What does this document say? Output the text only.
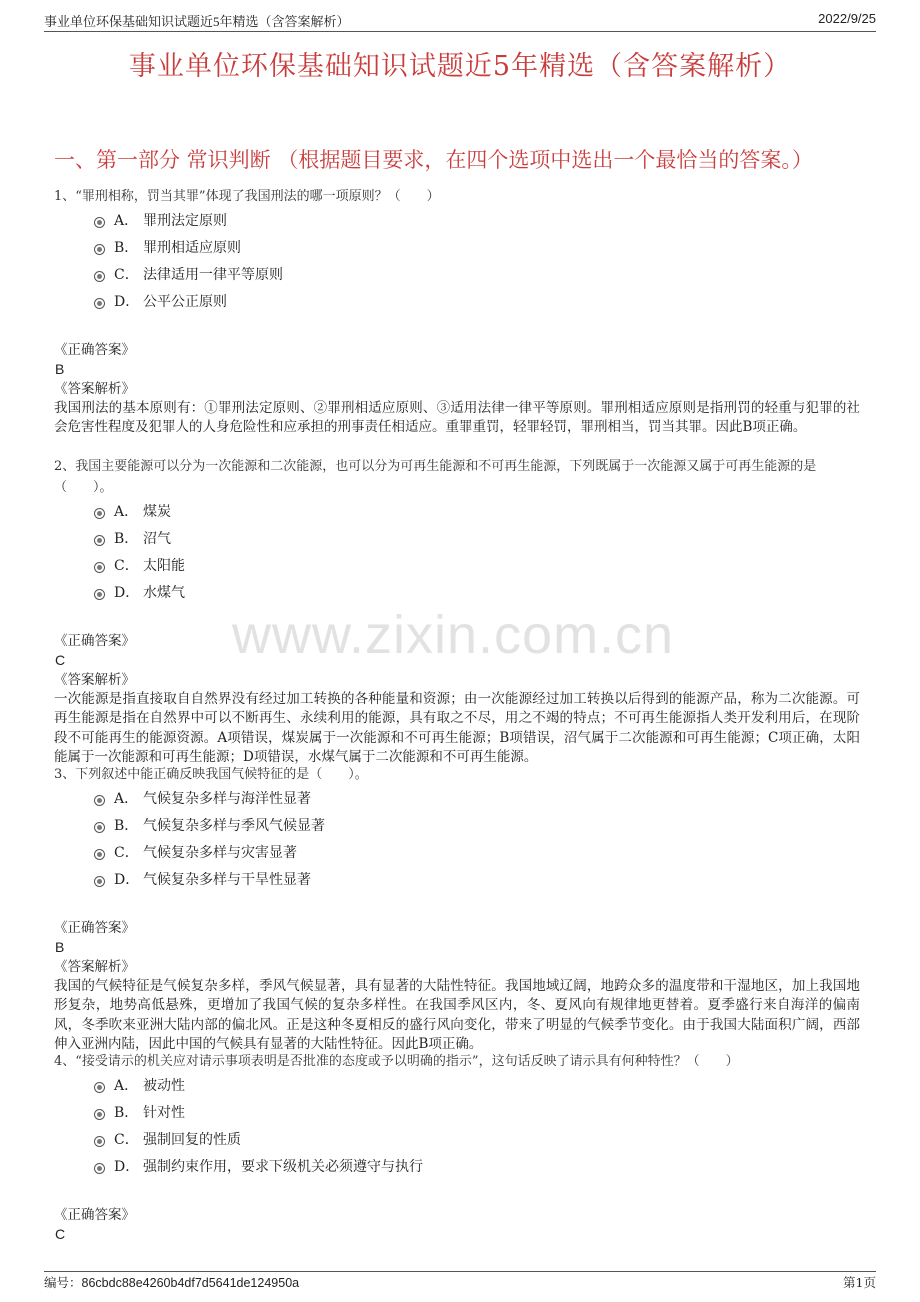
事业单位环保基础知识试题近5年精选（含答案解析）	2022/9/25
事业单位环保基础知识试题近5年精选（含答案解析）
一、第一部分 常识判断 （根据题目要求，在四个选项中选出一个最恰当的答案。）
www.zixin.com.cn
1、“罪刑相称，罚当其罪”体现了我国刑法的哪一项原则？（　　）
A． 罪刑法定原则
B． 罪刑相适应原则
C． 法律适用一律平等原则
D． 公平公正原则
《正确答案》
B
《答案解析》
我国刑法的基本原则有：①罪刑法定原则、②罪刑相适应原则、③适用法律一律平等原则。罪刑相适应原则是指刑罚的轻重与犯罪的社会危害性程度及犯罪人的人身危险性和应承担的刑事责任相适应。重罪重罚，轻罪轻罚，罪刑相当，罚当其罪。因此B项正确。
2、我国主要能源可以分为一次能源和二次能源，也可以分为可再生能源和不可再生能源，下列既属于一次能源又属于可再生能源的是（　　）。
A． 煤炭
B． 沼气
C． 太阳能
D． 水煤气
《正确答案》
C
《答案解析》
一次能源是指直接取自自然界没有经过加工转换的各种能量和资源；由一次能源经过加工转换以后得到的能源产品，称为二次能源。可再生能源是指在自然界中可以不断再生、永续利用的能源，具有取之不尽，用之不竭的特点；不可再生能源指人类开发利用后，在现阶段不可能再生的能源资源。A项错误，煤炭属于一次能源和不可再生能源；B项错误，沼气属于二次能源和可再生能源；C项正确，太阳能属于一次能源和可再生能源；D项错误，水煤气属于二次能源和不可再生能源。
3、下列叙述中能正确反映我国气候特征的是（　　）。
A． 气候复杂多样与海洋性显著
B． 气候复杂多样与季风气候显著
C． 气候复杂多样与灾害显著
D． 气候复杂多样与干旱性显著
《正确答案》
B
《答案解析》
我国的气候特征是气候复杂多样，季风气候显著，具有显著的大陆性特征。我国地域辽阔，地跨众多的温度带和干湿地区，加上我国地形复杂，地势高低悬殊，更增加了我国气候的复杂多样性。在我国季风区内，冬、夏风向有规律地更替着。夏季盛行来自海洋的偏南风，冬季吹来亚洲大陆内部的偏北风。正是这种冬夏相反的盛行风向变化，带来了明显的气候季节变化。由于我国大陆面积广阔，西部伸入亚洲内陆，因此中国的气候具有显著的大陆性特征。因此B项正确。
4、“接受请示的机关应对请示事项表明是否批准的态度或予以明确的指示”，这句话反映了请示具有何种特性？（　　）
A． 被动性
B． 针对性
C． 强制回复的性质
D． 强制约束作用，要求下级机关必须遵守与执行
《正确答案》
C
编号：86cbdc88e4260b4df7d5641de124950a	第1页
